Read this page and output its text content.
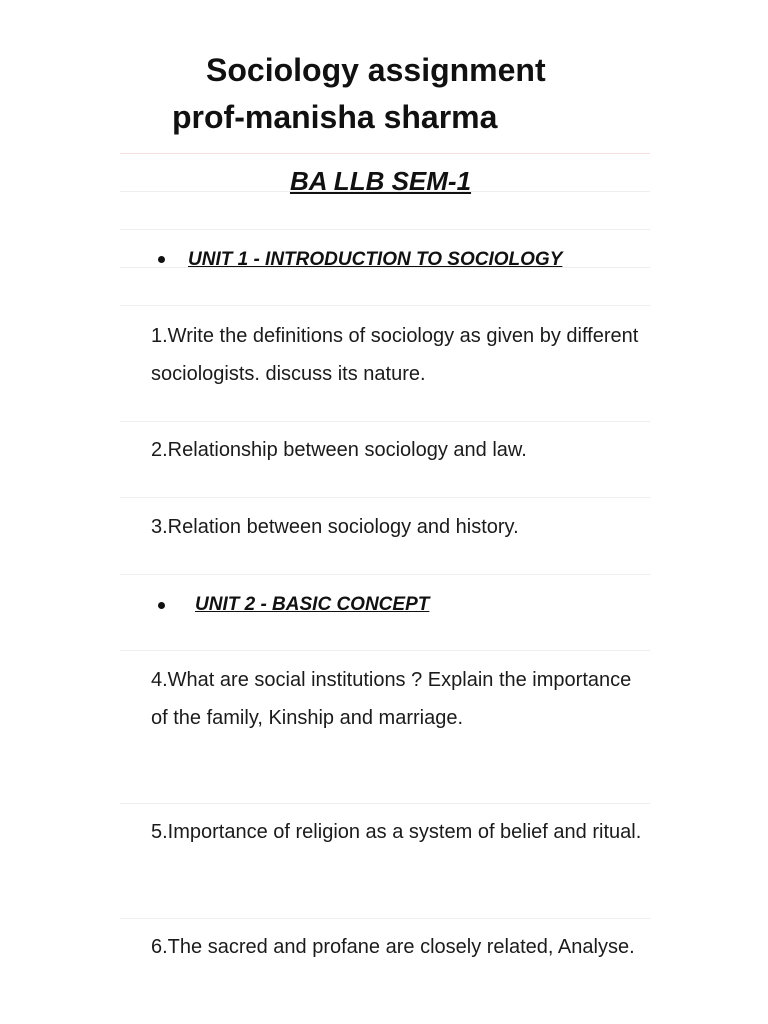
Sociology assignment
prof-manisha sharma
BA LLB SEM-1
UNIT 1 - INTRODUCTION TO SOCIOLOGY
1.Write the definitions of sociology as given by different sociologists. discuss its nature.
2.Relationship between sociology and law.
3.Relation between sociology and history.
UNIT 2 - BASIC CONCEPT
4.What are social institutions ? Explain the importance of the family, Kinship and marriage.
5.Importance of religion as a system of belief and ritual.
6.The sacred and profane are closely related, Analyse.
